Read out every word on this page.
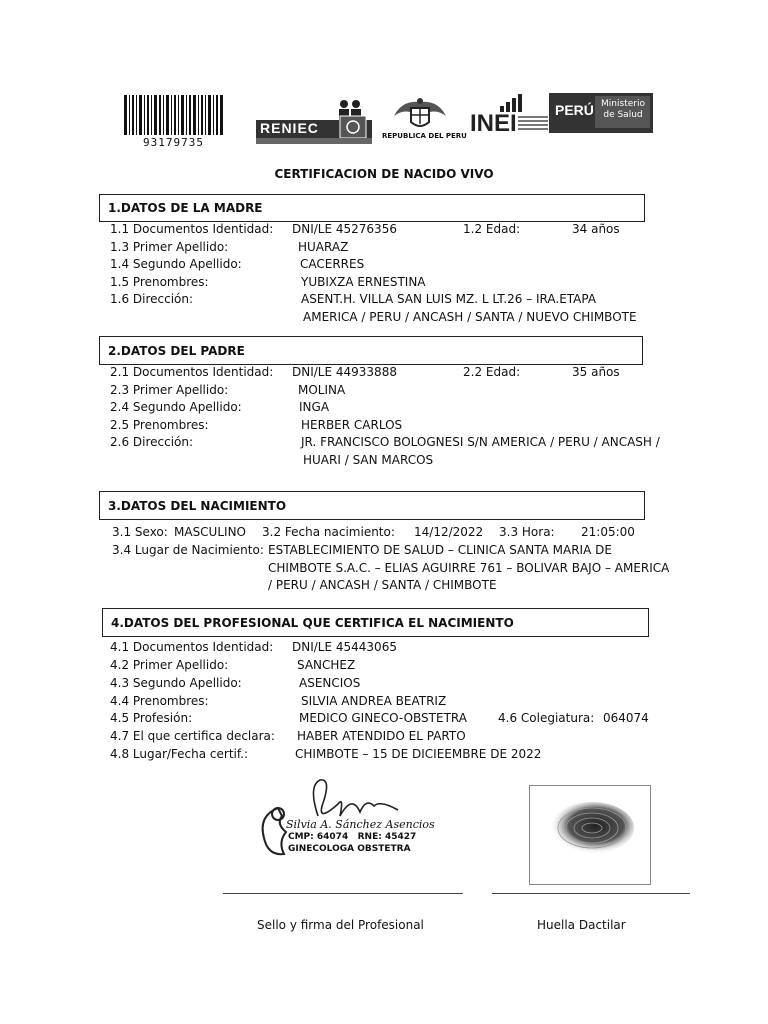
93179735
RENIEC	REPUBLICA DEL PERU INEI	PERÚ Ministerio de Salud
CERTIFICACION DE NACIDO VIVO
1.DATOS DE LA MADRE
1.1 Documentos Identidad: DNI/LE 45276356	1.2 Edad:	34 años
1.3 Primer Apellido:	HUARAZ
1.4 Segundo Apellido:	CACERRES
1.5 Prenombres:	YUBIXZA ERNESTINA
1.6 Dirección:	ASENT.H. VILLA SAN LUIS MZ. L LT.26 – IRA.ETAPA
AMERICA / PERU / ANCASH / SANTA / NUEVO CHIMBOTE
2.DATOS DEL PADRE
2.1 Documentos Identidad: DNI/LE 44933888	2.2 Edad:	35 años
2.3 Primer Apellido:	MOLINA
2.4 Segundo Apellido:	INGA
2.5 Prenombres:	HERBER CARLOS
2.6 Dirección:	JR. FRANCISCO BOLOGNESI S/N AMERICA / PERU / ANCASH /
HUARI / SAN MARCOS
3.DATOS DEL NACIMIENTO
3.1 Sexo: MASCULINO 3.2 Fecha nacimiento: 14/12/2022 3.3 Hora: 21:05:00
3.4 Lugar de Nacimiento: ESTABLECIMIENTO DE SALUD – CLINICA SANTA MARIA DE
CHIMBOTE S.A.C. – ELIAS AGUIRRE 761 – BOLIVAR BAJO – AMERICA
/ PERU / ANCASH / SANTA / CHIMBOTE
4.DATOS DEL PROFESIONAL QUE CERTIFICA EL NACIMIENTO
4.1 Documentos Identidad: DNI/LE 45443065
4.2 Primer Apellido:	SANCHEZ
4.3 Segundo Apellido:	ASENCIOS
4.4 Prenombres:	SILVIA ANDREA BEATRIZ
4.5 Profesión:	MEDICO GINECO-OBSTETRA	4.6 Colegiatura: 064074
4.7 El que certifica declara: HABER ATENDIDO EL PARTO
4.8 Lugar/Fecha certif.:	CHIMBOTE – 15 DE DICIEEMBRE DE 2022
Silvia A. Sánchez Asencios
CMP: 64074   RNE: 45427
GINECOLOGA OBSTETRA
Sello y firma del Profesional	Huella Dactilar
